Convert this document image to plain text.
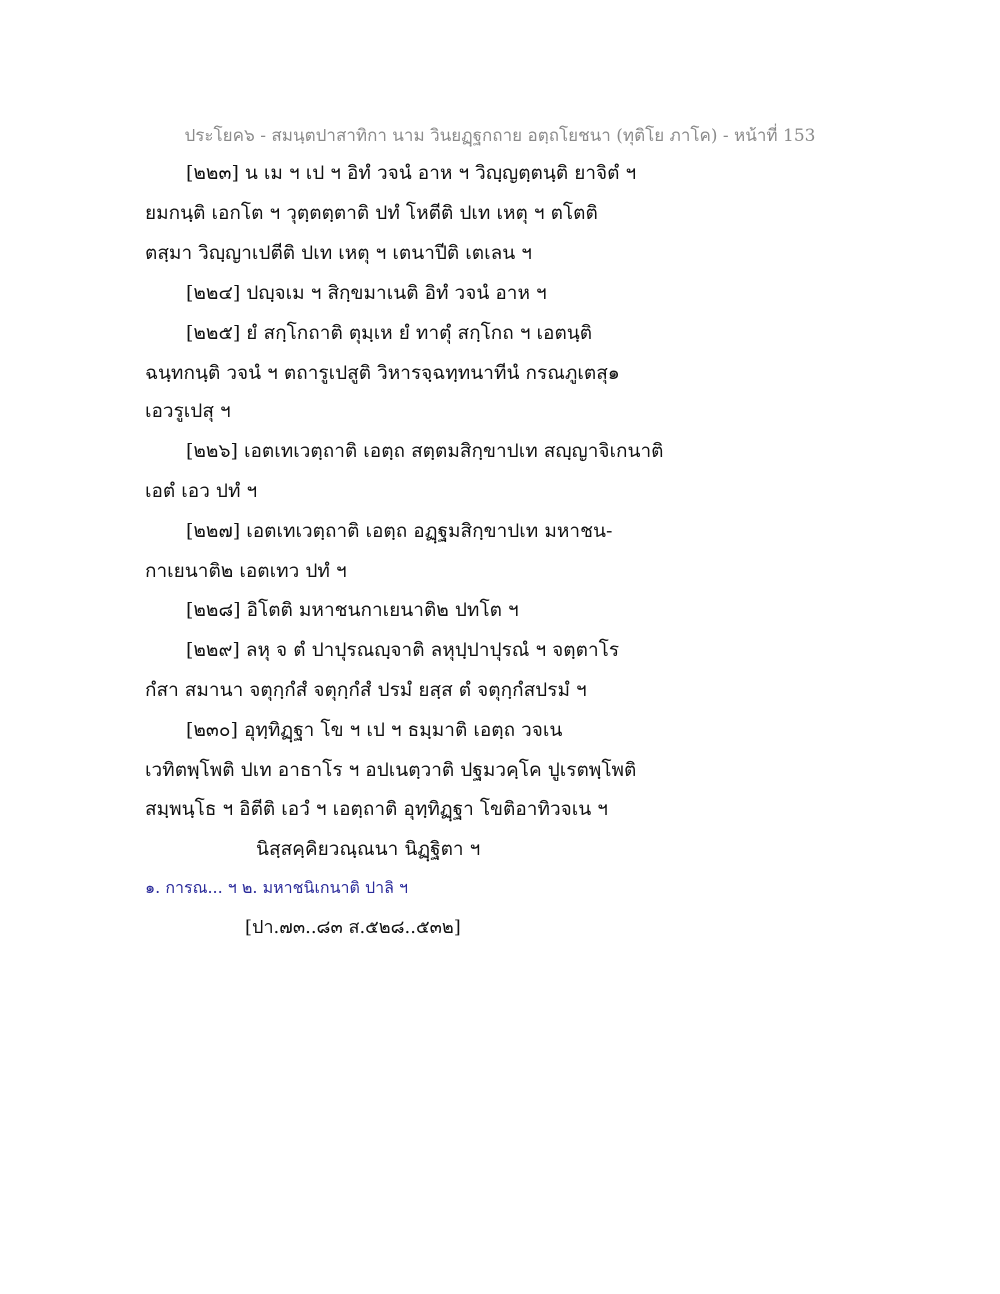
ประโยค๖ - สมนฺตปาสาทิกา นาม วินยฏฺฐกถาย อตฺถโยชนา (ทุติโย ภาโค) - หน้าที่ 153
[๒๒๓] น เม ฯ เป ฯ อิทํ วจนํ อาห ฯ วิญฺญตฺตนฺติ ยาจิตํ ฯ
ยมกนฺติ เอกโต ฯ วุตฺตตฺตาติ ปทํ โหตีติ ปเท เหตุ ฯ ตโตติ
ตสฺมา วิญฺญาเปตีติ ปเท เหตุ ฯ เตนาปีติ เตเลน ฯ
[๒๒๔] ปญฺจเม ฯ สิกฺขมาเนติ อิทํ วจนํ อาห ฯ
[๒๒๕] ยํ สกฺโกถาติ ตุมฺเห ยํ ทาตุํ สกฺโกถ ฯ เอตนฺติ
ฉนฺทกนฺติ วจนํ ฯ ตถารูเปสูติ วิหารจฺฉทฺทนาทีนํ กรณภูเตสุ๑
เอวรูเปสุ ฯ
[๒๒๖] เอตเทเวตฺถาติ เอตฺถ สตฺตมสิกฺขาปเท สญฺญาจิเกนาติ
เอตํ เอว ปทํ ฯ
[๒๒๗] เอตเทเวตฺถาติ เอตฺถ อฏฺฐมสิกฺขาปเท มหาชน-
กาเยนาติ๒ เอตเทว ปทํ ฯ
[๒๒๘] อิโตติ มหาชนกาเยนาติ๒ ปทโต ฯ
[๒๒๙] ลหุ จ ตํ ปาปุรณญฺจาติ ลหุปฺปาปุรณํ ฯ จตฺตาโร
กํสา สมานา จตุกฺกํสํ จตุกฺกํสํ ปรมํ ยสฺส ตํ จตุกฺกํสปรมํ ฯ
[๒๓๐] อุทฺทิฏฺฐา โข ฯ เป ฯ ธมฺมาติ เอตฺถ วจเน
เวทิตพฺโพติ ปเท อาธาโร ฯ อปเนตฺวาติ ปฐมวคฺโค ปูเรตพฺโพติ
สมฺพนฺโธ ฯ อิตีติ เอวํ ฯ เอตฺถาติ อุทฺทิฏฺฐา โขติอาทิวจเน ฯ
นิสฺสคฺคิยวณฺณนา นิฏฺฐิตา ฯ
๑. การณ... ฯ ๒. มหาชนิเกนาติ ปาลิ ฯ
[ปา.๗๓..๘๓ ส.๕๒๘..๕๓๒]
